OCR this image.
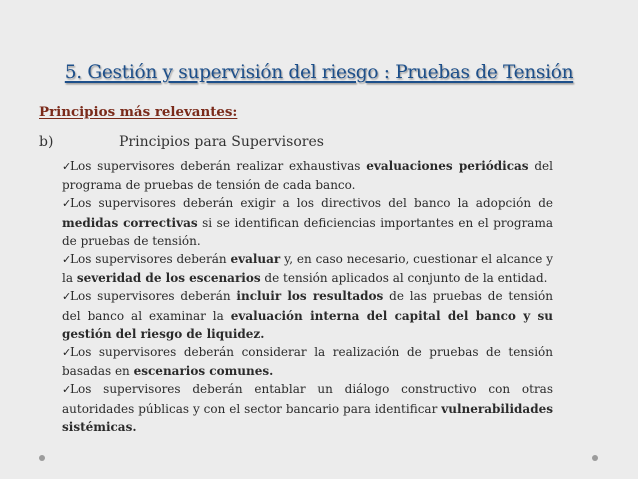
5. Gestión y supervisión del riesgo : Pruebas de Tensión
Principios más relevantes:
b)	Principios para Supervisores

✓Los supervisores deberán realizar exhaustivas evaluaciones periódicas del programa de pruebas de tensión de cada banco.

✓Los supervisores deberán exigir a los directivos del banco la adopción de medidas correctivas si se identifican deficiencias importantes en el programa de pruebas de tensión.

✓Los supervisores deberán evaluar y, en caso necesario, cuestionar el alcance y la severidad de los escenarios de tensión aplicados al conjunto de la entidad.

✓Los supervisores deberán incluir los resultados de las pruebas de tensión del banco al examinar la evaluación interna del capital del banco y su gestión del riesgo de liquidez.

✓Los supervisores deberán considerar la realización de pruebas de tensión basadas en escenarios comunes.

✓Los supervisores deberán entablar un diálogo constructivo con otras autoridades públicas y con el sector bancario para identificar vulnerabilidades sistémicas.
